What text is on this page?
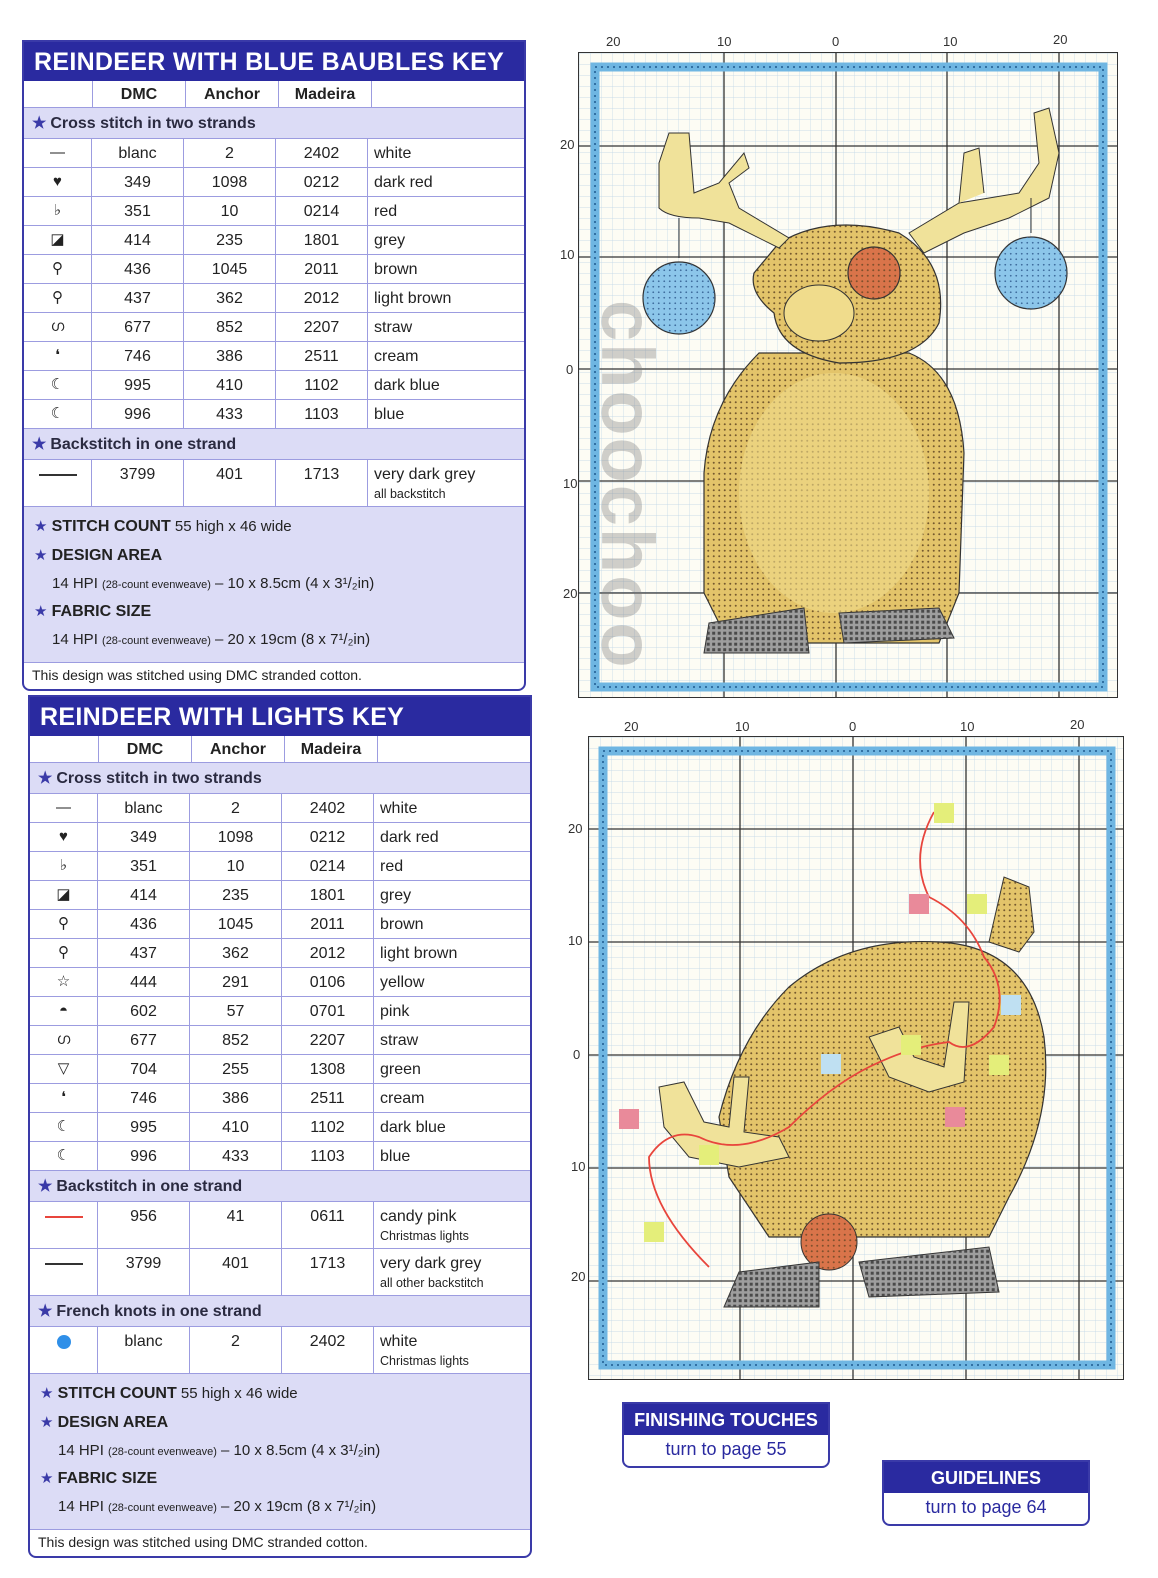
REINDEER WITH BLUE BAUBLES KEY
DMC	Anchor	Madeira
★ Cross stitch in two strands
—	blanc	2	2402 white
♥	349	1098	0212 dark red
♭	351	10	0214 red
◪	414	235	1801 grey
⚲	436	1045	2011 brown
⚲	437	362	2012 light brown
ഗ	677	852	2207 straw
❛	746	386	2511 cream
☾	995	410	1102 dark blue
☾	996	433	1103 blue
★ Backstitch in one strand
3799	401	1713	very dark grey
all backstitch
★ STITCH COUNT 55 high x 46 wide
★ DESIGN AREA
14 HPI (28-count evenweave) – 10 x 8.5cm (4 x 3¹/₂in)
★ FABRIC SIZE
14 HPI (28-count evenweave) – 20 x 19cm (8 x 7¹/₂in)
This design was stitched using DMC stranded cotton.
REINDEER WITH LIGHTS KEY
DMC	Anchor	Madeira
★ Cross stitch in two strands
—	blanc	2	2402 white
♥	349	1098	0212 dark red
♭	351	10	0214 red
◪	414	235	1801 grey
⚲	436	1045	2011 brown
⚲	437	362	2012 light brown
☆	444	291	0106 yellow
◓	602	57	0701 pink
ഗ	677	852	2207 straw
▽	704	255	1308 green
❛	746	386	2511 cream
☾	995	410	1102 dark blue
☾	996	433	1103 blue
★ Backstitch in one strand
956	41	0611	candy pink
Christmas lights
3799	401	1713	very dark grey
all other backstitch
★ French knots in one strand
blanc	2	2402	white
Christmas lights
★ STITCH COUNT 55 high x 46 wide
★ DESIGN AREA
14 HPI (28-count evenweave) – 10 x 8.5cm (4 x 3¹/₂in)
★ FABRIC SIZE
14 HPI (28-count evenweave) – 20 x 19cm (8 x 7¹/₂in)
This design was stitched using DMC stranded cotton.
20	10	0	10	20
20
10
0
10
20
20	10	0	10	20
20
10
0
10
20
choochoo
FINISHING TOUCHES
turn to page 55
GUIDELINES
turn to page 64
